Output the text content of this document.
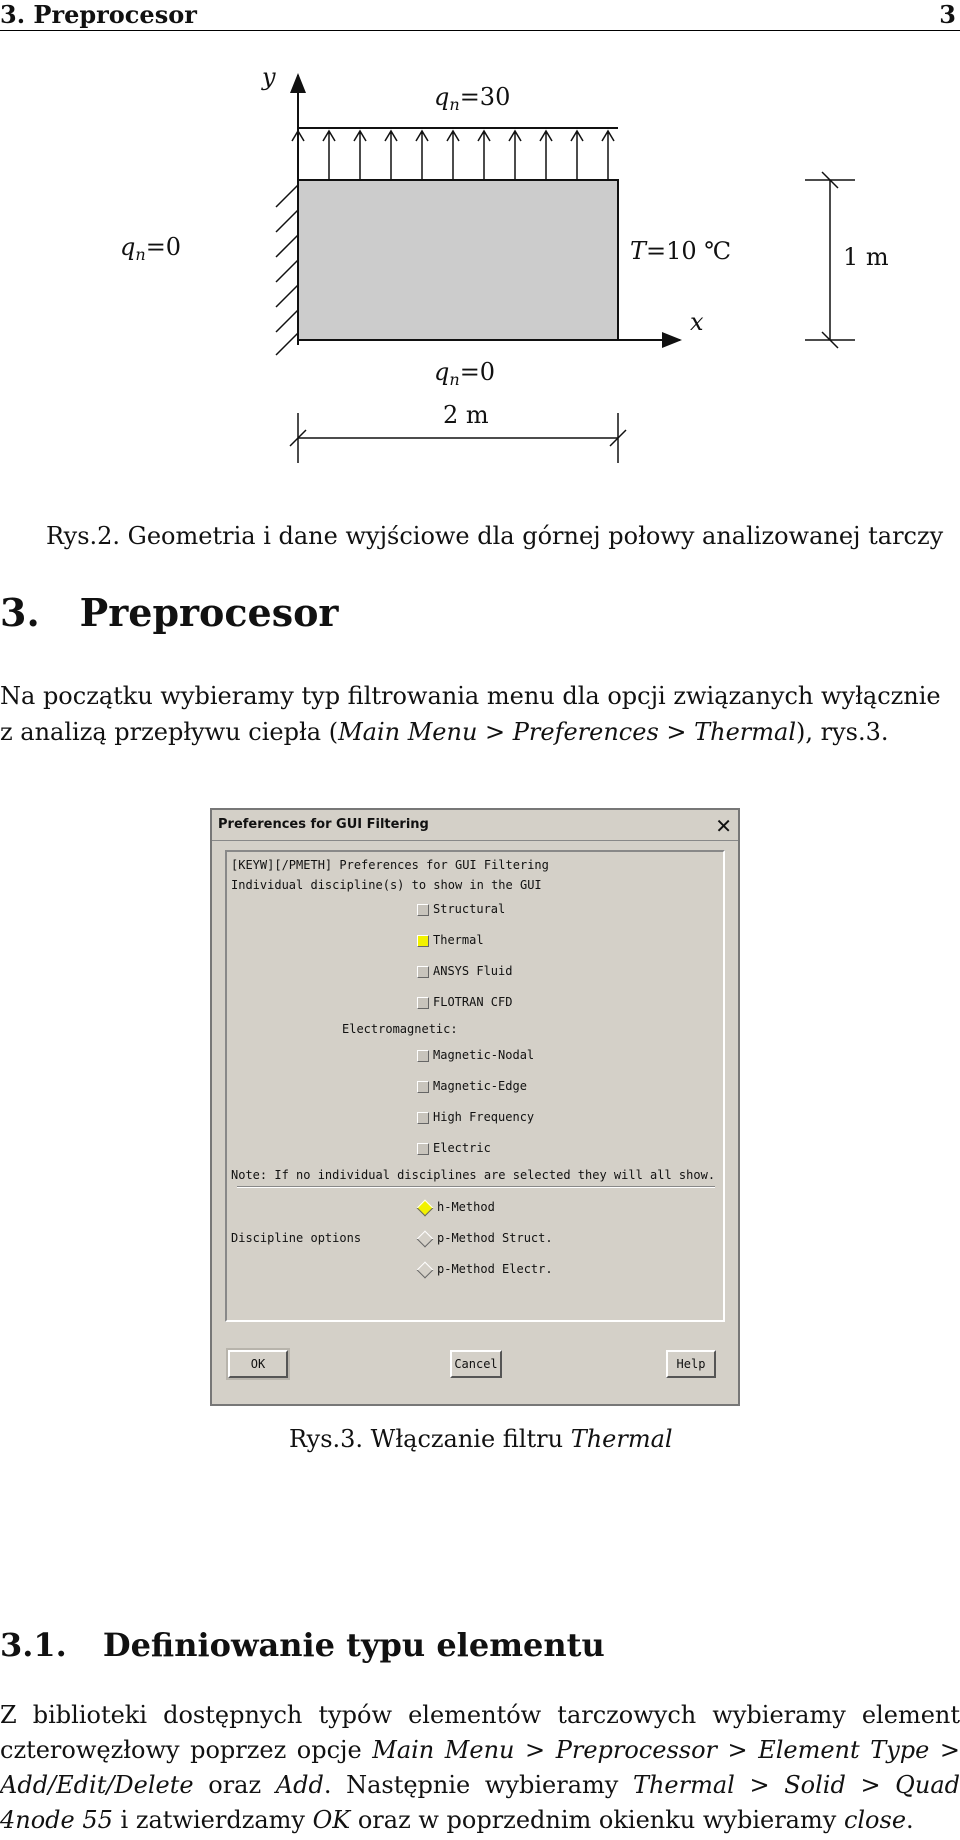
3. Preprocesor	3
y
x
$q_n=30$
$q_n=0$
$q_n=0$
T=10 ℃	1 m
2 m
Rys.2. Geometria i dane wyjściowe dla górnej połowy analizowanej tarczy
3. Preprocesor
Na początku wybieramy typ filtrowania menu dla opcji związanych wyłącznie z analizą przepływu ciepła (Main Menu > Preferences > Thermal), rys.3.
Preferences for GUI Filtering	✕
[KEYW][/PMETH] Preferences for GUI Filtering
Individual discipline(s) to show in the GUI
Structural
Thermal
ANSYS Fluid
FLOTRAN CFD
Electromagnetic:
Magnetic-Nodal
Magnetic-Edge
High Frequency
Electric
Note: If no individual disciplines are selected they will all show.
h-Method
Discipline options	p-Method Struct.
p-Method Electr.
OK	Cancel	Help
Rys.3. Włączanie filtru Thermal
3.1. Definiowanie typu elementu
Z biblioteki dostępnych typów elementów tarczowych wybieramy element czterowęzłowy poprzez opcje Main Menu > Preprocessor > Element Type > Add/Edit/Delete oraz Add. Następnie wybieramy Thermal > Solid > Quad 4node 55 i zatwierdzamy OK oraz w poprzednim okienku wybieramy close.
